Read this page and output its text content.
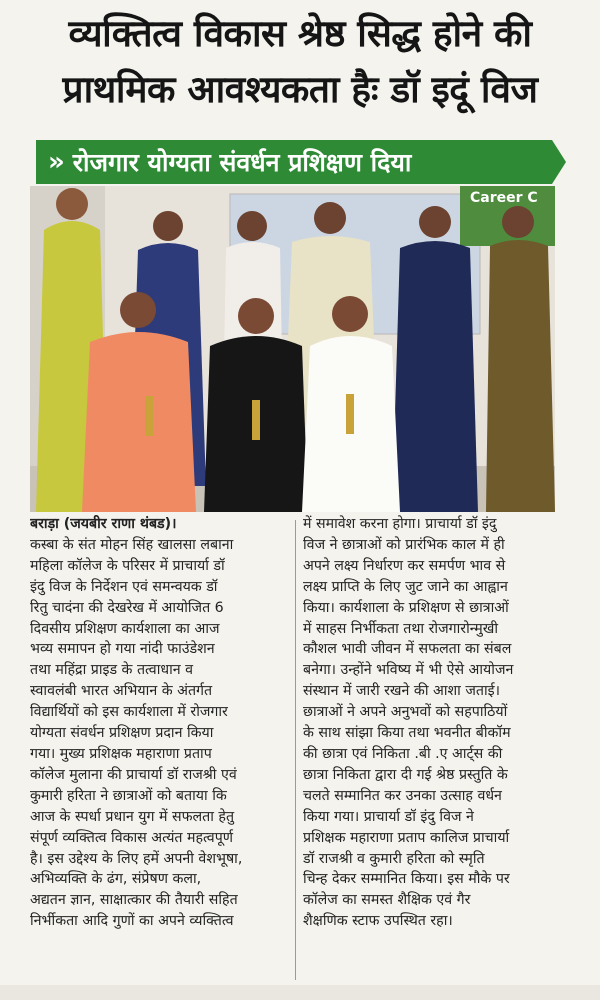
व्यक्तित्व विकास श्रेष्ठ सिद्ध होने की
प्राथमिक आवश्यकता हैः डॉ इदूं विज
» रोजगार योग्यता संवर्धन प्रशिक्षण दिया
Career C
बराड़ा (जयबीर राणा थंबड)।
कस्बा के संत मोहन सिंह खालसा लबाना
महिला कॉलेज के परिसर में प्राचार्या डॉ
इंदु विज के निर्देशन एवं समन्वयक डॉ
रितु चादंना की देखरेख में आयोजित 6
दिवसीय प्रशिक्षण कार्यशाला का आज
भव्य समापन हो गया नांदी फाउंडेशन
तथा महिंद्रा प्राइड के तत्वाधान व
स्वावलंबी भारत अभियान के अंतर्गत
विद्यार्थियों को इस कार्यशाला में रोजगार
योग्यता संवर्धन प्रशिक्षण प्रदान किया
गया। मुख्य प्रशिक्षक महाराणा प्रताप
कॉलेज मुलाना की प्राचार्या डॉ राजश्री एवं
कुमारी हरिता ने छात्राओं को बताया कि
आज के स्पर्धा प्रधान युग में सफलता हेतु
संपूर्ण व्यक्तित्व विकास अत्यंत महत्वपूर्ण
है। इस उद्देश्य के लिए हमें अपनी वेशभूषा,
अभिव्यक्ति के ढंग, संप्रेषण कला,
अद्यतन ज्ञान, साक्षात्कार की तैयारी सहित
निर्भीकता आदि गुणों का अपने व्यक्तित्व
में समावेश करना होगा। प्राचार्या डॉ इंदु
विज ने छात्राओं को प्रारंभिक काल में ही
अपने लक्ष्य निर्धारण कर समर्पण भाव से
लक्ष्य प्राप्ति के लिए जुट जाने का आह्वान
किया। कार्यशाला के प्रशिक्षण से छात्राओं
में साहस निर्भीकता तथा रोजगारोन्मुखी
कौशल भावी जीवन में सफलता का संबल
बनेगा। उन्होंने भविष्य में भी ऐसे आयोजन
संस्थान में जारी रखने की आशा जताई।
छात्राओं ने अपने अनुभवों को सहपाठियों
के साथ सांझा किया तथा भवनीत बीकॉम
की छात्रा एवं निकिता .बी .ए आर्ट्स की
छात्रा निकिता द्वारा दी गई श्रेष्ठ प्रस्तुति के
चलते सम्मानित कर उनका उत्साह वर्धन
किया गया। प्राचार्या डॉ इंदु विज ने
प्रशिक्षक महाराणा प्रताप कालिज प्राचार्या
डॉ राजश्री व कुमारी हरिता को स्मृति
चिन्ह देकर सम्मानित किया। इस मौके पर
कॉलेज का समस्त शैक्षिक एवं गैर
शैक्षणिक स्टाफ उपस्थित रहा।
